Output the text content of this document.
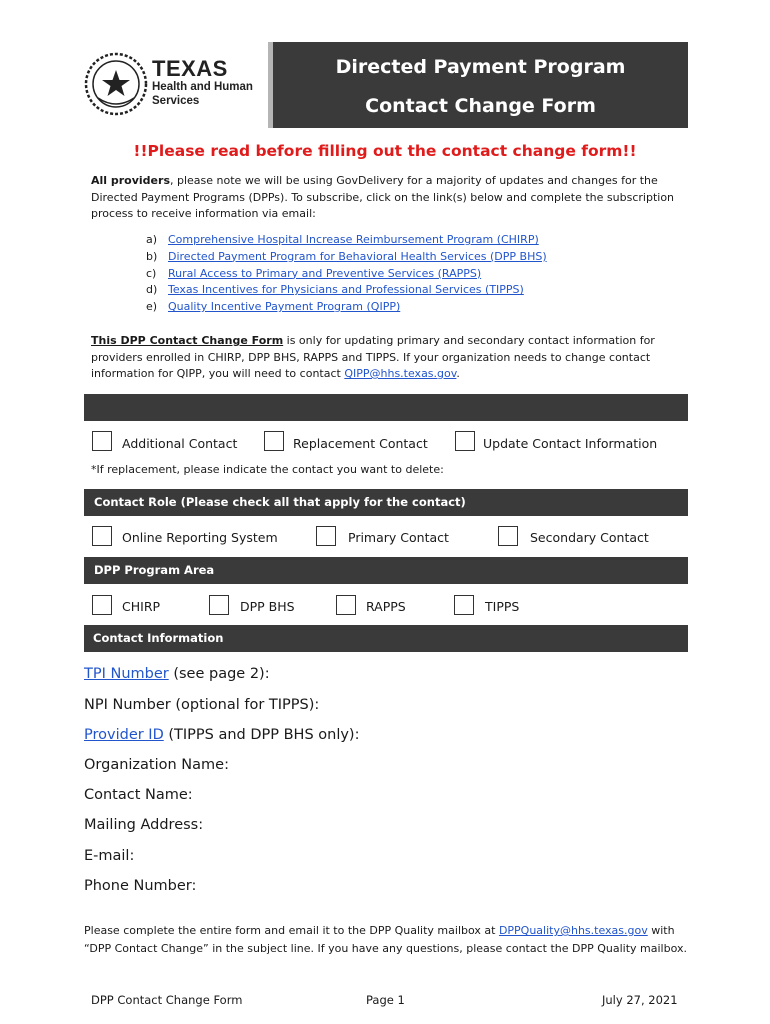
TEXAS
Health and Human
Services
Directed Payment Program
Contact Change Form
!!Please read before filling out the contact change form!!
All providers, please note we will be using GovDelivery for a majority of updates and changes for the Directed Payment Programs (DPPs). To subscribe, click on the link(s) below and complete the subscription process to receive information via email:
a) Comprehensive Hospital Increase Reimbursement Program (CHIRP)
b) Directed Payment Program for Behavioral Health Services (DPP BHS)
c)	Rural Access to Primary and Preventive Services (RAPPS)
d) Texas Incentives for Physicians and Professional Services (TIPPS)
e) Quality Incentive Payment Program (QIPP)
This DPP Contact Change Form is only for updating primary and secondary contact information for providers enrolled in CHIRP, DPP BHS, RAPPS and TIPPS. If your organization needs to change contact information for QIPP, you will need to contact QIPP@hhs.texas.gov.
Additional Contact	Replacement Contact	Update Contact Information
*If replacement, please indicate the contact you want to delete:
Contact Role (Please check all that apply for the contact)
Online Reporting System	Primary Contact	Secondary Contact
DPP Program Area
CHIRP	DPP BHS	RAPPS	TIPPS
Contact Information
TPI Number (see page 2):
NPI Number (optional for TIPPS):
Provider ID (TIPPS and DPP BHS only):
Organization Name:
Contact Name:
Mailing Address:
E-mail:
Phone Number:
Please complete the entire form and email it to the DPP Quality mailbox at DPPQuality@hhs.texas.gov with “DPP Contact Change” in the subject line. If you have any questions, please contact the DPP Quality mailbox.
DPP Contact Change Form	Page 1	July 27, 2021
